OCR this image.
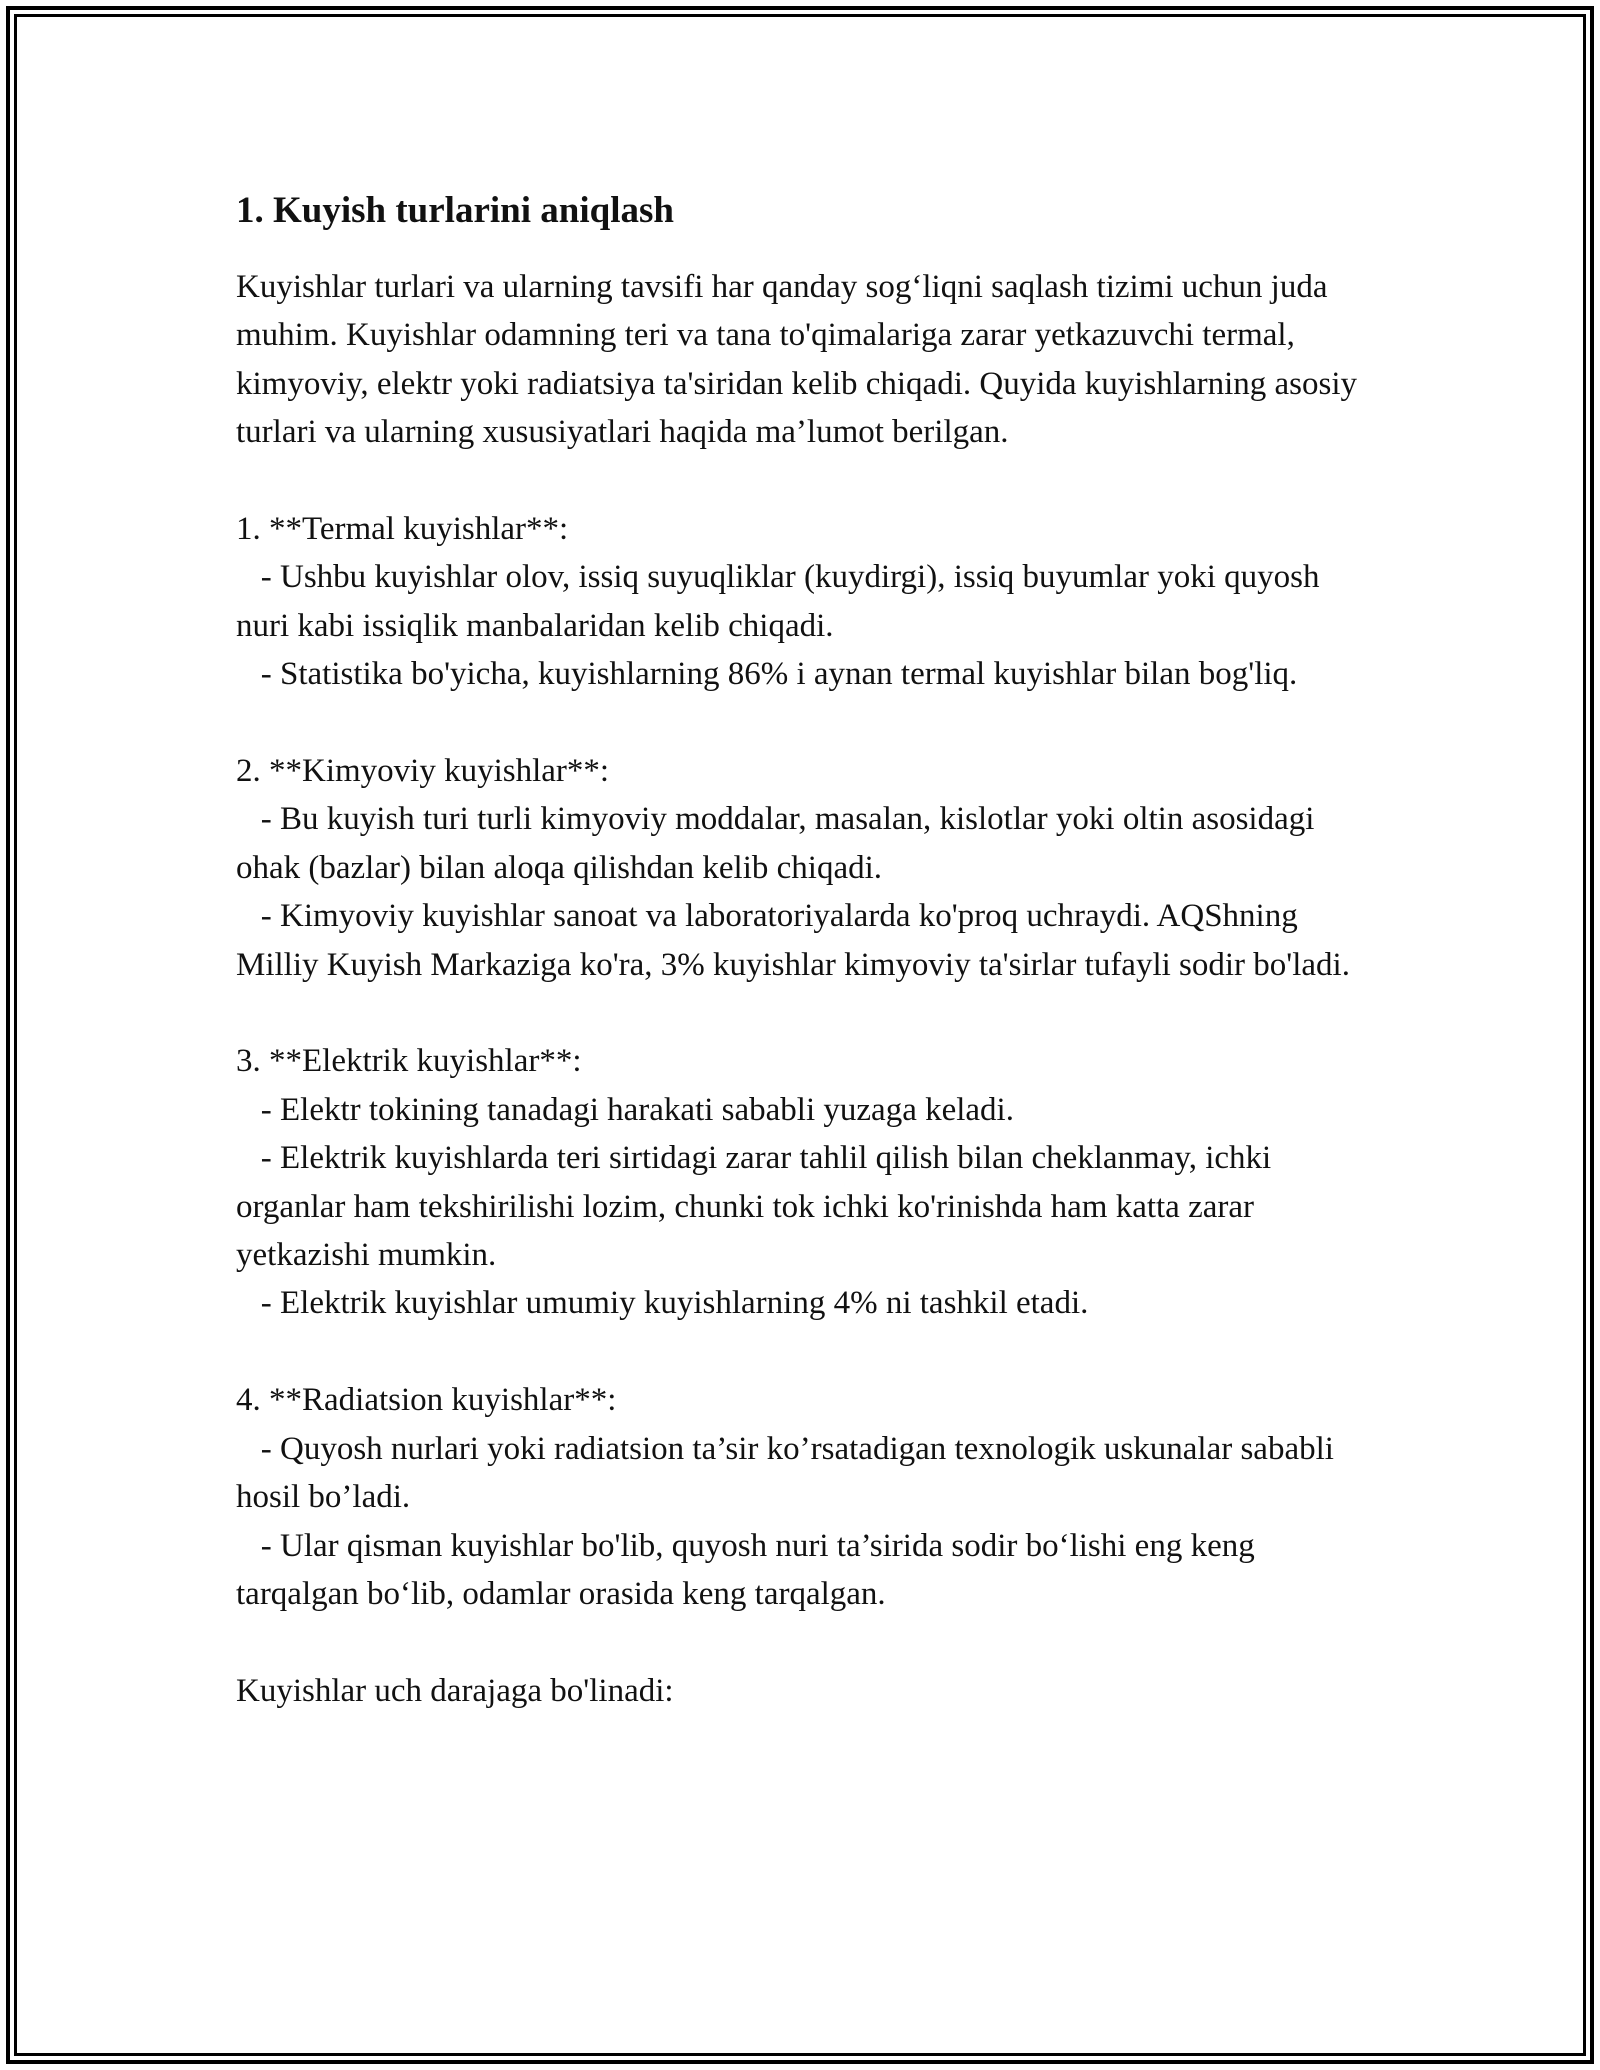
1. Kuyish turlarini aniqlash

Kuyishlar turlari va ularning tavsifi har qanday sog‘liqni saqlash tizimi uchun juda muhim. Kuyishlar odamning teri va tana to'qimalariga zarar yetkazuvchi termal, kimyoviy, elektr yoki radiatsiya ta'siridan kelib chiqadi. Quyida kuyishlarning asosiy turlari va ularning xususiyatlari haqida ma’lumot berilgan.

1. **Termal kuyishlar**:

- Ushbu kuyishlar olov, issiq suyuqliklar (kuydirgi), issiq buyumlar yoki quyosh nuri kabi issiqlik manbalaridan kelib chiqadi.

- Statistika bo'yicha, kuyishlarning 86% i aynan termal kuyishlar bilan bog'liq.

2. **Kimyoviy kuyishlar**:

- Bu kuyish turi turli kimyoviy moddalar, masalan, kislotlar yoki oltin asosidagi ohak (bazlar) bilan aloqa qilishdan kelib chiqadi.

- Kimyoviy kuyishlar sanoat va laboratoriyalarda ko'proq uchraydi. AQShning Milliy Kuyish Markaziga ko'ra, 3% kuyishlar kimyoviy ta'sirlar tufayli sodir bo'ladi.

3. **Elektrik kuyishlar**:

- Elektr tokining tanadagi harakati sababli yuzaga keladi.

- Elektrik kuyishlarda teri sirtidagi zarar tahlil qilish bilan cheklanmay, ichki organlar ham tekshirilishi lozim, chunki tok ichki ko'rinishda ham katta zarar yetkazishi mumkin.

- Elektrik kuyishlar umumiy kuyishlarning 4% ni tashkil etadi.

4. **Radiatsion kuyishlar**:

- Quyosh nurlari yoki radiatsion ta’sir ko’rsatadigan texnologik uskunalar sababli hosil bo’ladi.

- Ular qisman kuyishlar bo'lib, quyosh nuri ta’sirida sodir bo‘lishi eng keng tarqalgan bo‘lib, odamlar orasida keng tarqalgan.

Kuyishlar uch darajaga bo'linadi:
